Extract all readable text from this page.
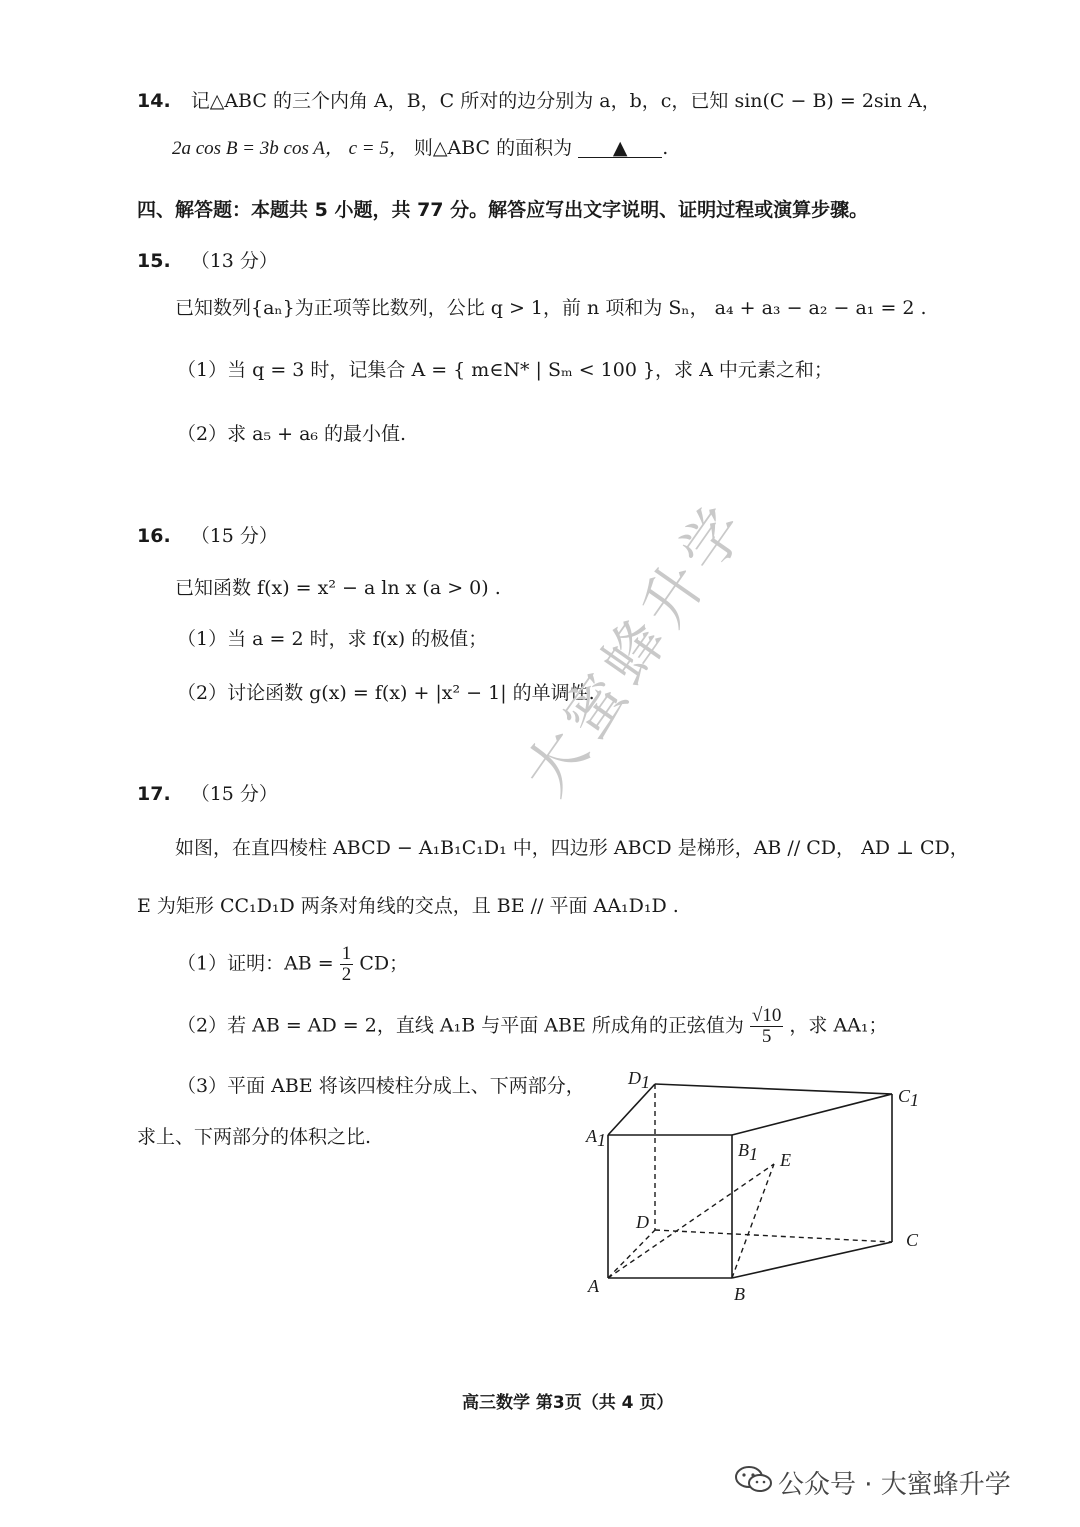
14. 记△ABC 的三个内角 A，B，C 所对的边分别为 a，b，c，已知 sin(C − B) = 2sin A，
2a cos B = 3b cos A， c = 5， 则△ABC 的面积为 ▲ .
四、解答题：本题共 5 小题，共 77 分。解答应写出文字说明、证明过程或演算步骤。
15. （13 分）
已知数列{aₙ}为正项等比数列，公比 q > 1，前 n 项和为 Sₙ， a₄ + a₃ − a₂ − a₁ = 2 .
（1）当 q = 3 时，记集合 A = { m∈N* | Sₘ < 100 }，求 A 中元素之和；
（2）求 a₅ + a₆ 的最小值.
16. （15 分）
已知函数 f(x) = x² − a ln x (a > 0) .
（1）当 a = 2 时，求 f(x) 的极值；
（2）讨论函数 g(x) = f(x) + |x² − 1| 的单调性.
大蜜蜂升学
17. （15 分）
如图，在直四棱柱 ABCD − A₁B₁C₁D₁ 中，四边形 ABCD 是梯形，AB // CD， AD ⊥ CD，
E 为矩形 CC₁D₁D 两条对角线的交点，且 BE // 平面 AA₁D₁D .
（1）证明：AB = $\frac{1}{2}$ CD；
（2）若 AB = AD = 2，直线 A₁B 与平面 ABE 所成角的正弦值为 $\frac{√10}{5}$ ，求 AA₁；
（3）平面 ABE 将该四棱柱分成上、下两部分，
求上、下两部分的体积之比.
D1
C1
A1	B1 E
D
C
A	B
高三数学 第3页（共 4 页）
公众号 · 大蜜蜂升学
